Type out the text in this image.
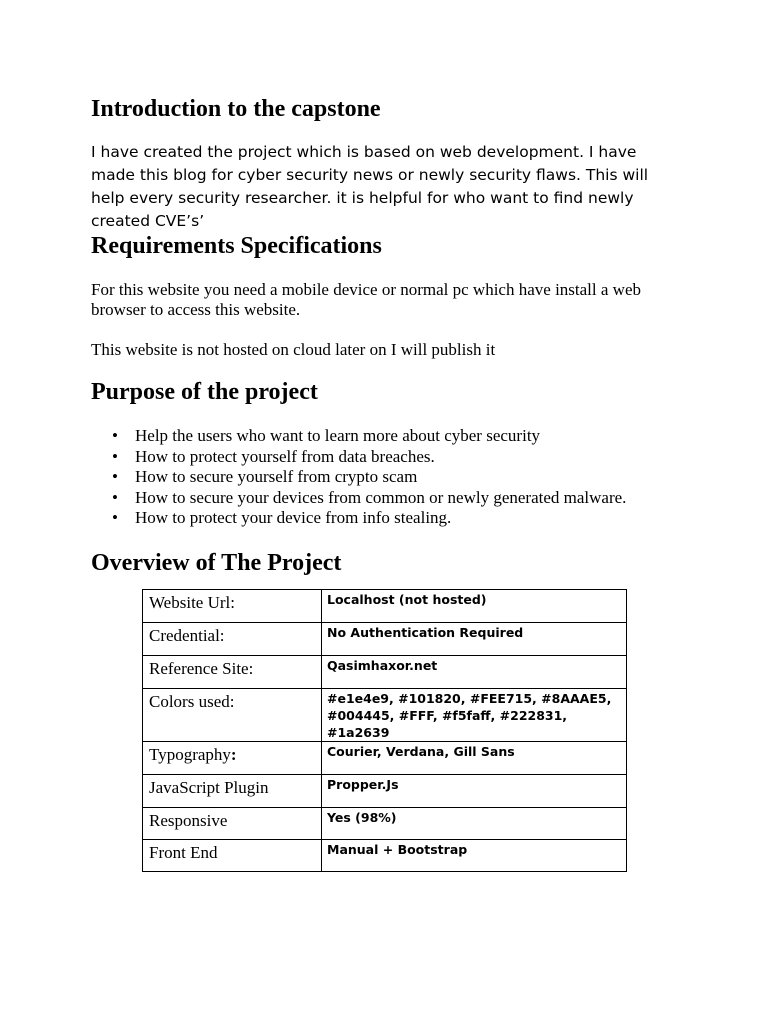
Introduction to the capstone

I have created the project which is based on web development. I have made this blog for cyber security news or newly security flaws. This will help every security researcher. it is helpful for who want to find newly created CVE’s’

Requirements Specifications

For this website you need a mobile device or normal pc which have install a web browser to access this website.

This website is not hosted on cloud later on I will publish it

Purpose of the project
• Help the users who want to learn more about cyber security
• How to protect yourself from data breaches.
• How to secure yourself from crypto scam
• How to secure your devices from common or newly generated malware.
• How to protect your device from info stealing.
Overview of The Project
Website Url:	Localhost (not hosted)
Credential:	No Authentication Required
Reference Site:	Qasimhaxor.net
Colors used:	#e1e4e9, #101820, #FEE715, #8AAAE5, #004445, #FFF, #f5faff, #222831, #1a2639
Typography:	Courier, Verdana, Gill Sans
JavaScript Plugin	Propper.Js
Responsive	Yes (98%)
Front End	Manual + Bootstrap
